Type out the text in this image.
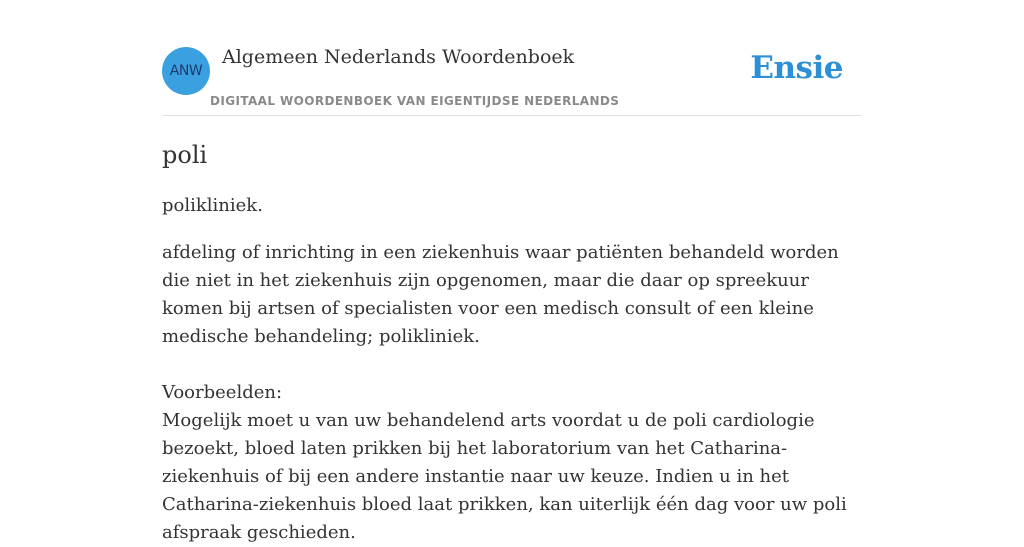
ANW
Algemeen Nederlands Woordenboek
DIGITAAL WOORDENBOEK VAN EIGENTIJDSE NEDERLANDS
Ensie
poli
polikliniek.
afdeling of inrichting in een ziekenhuis waar patiënten behandeld worden die niet in het ziekenhuis zijn opgenomen, maar die daar op spreekuur komen bij artsen of specialisten voor een medisch consult of een kleine medische behandeling; polikliniek.
Voorbeelden:
Mogelijk moet u van uw behandelend arts voordat u de poli cardiologie bezoekt, bloed laten prikken bij het laboratorium van het Catharina-ziekenhuis of bij een andere instantie naar uw keuze. Indien u in het Catharina-ziekenhuis bloed laat prikken, kan uiterlijk één dag voor uw poli afspraak geschieden.
